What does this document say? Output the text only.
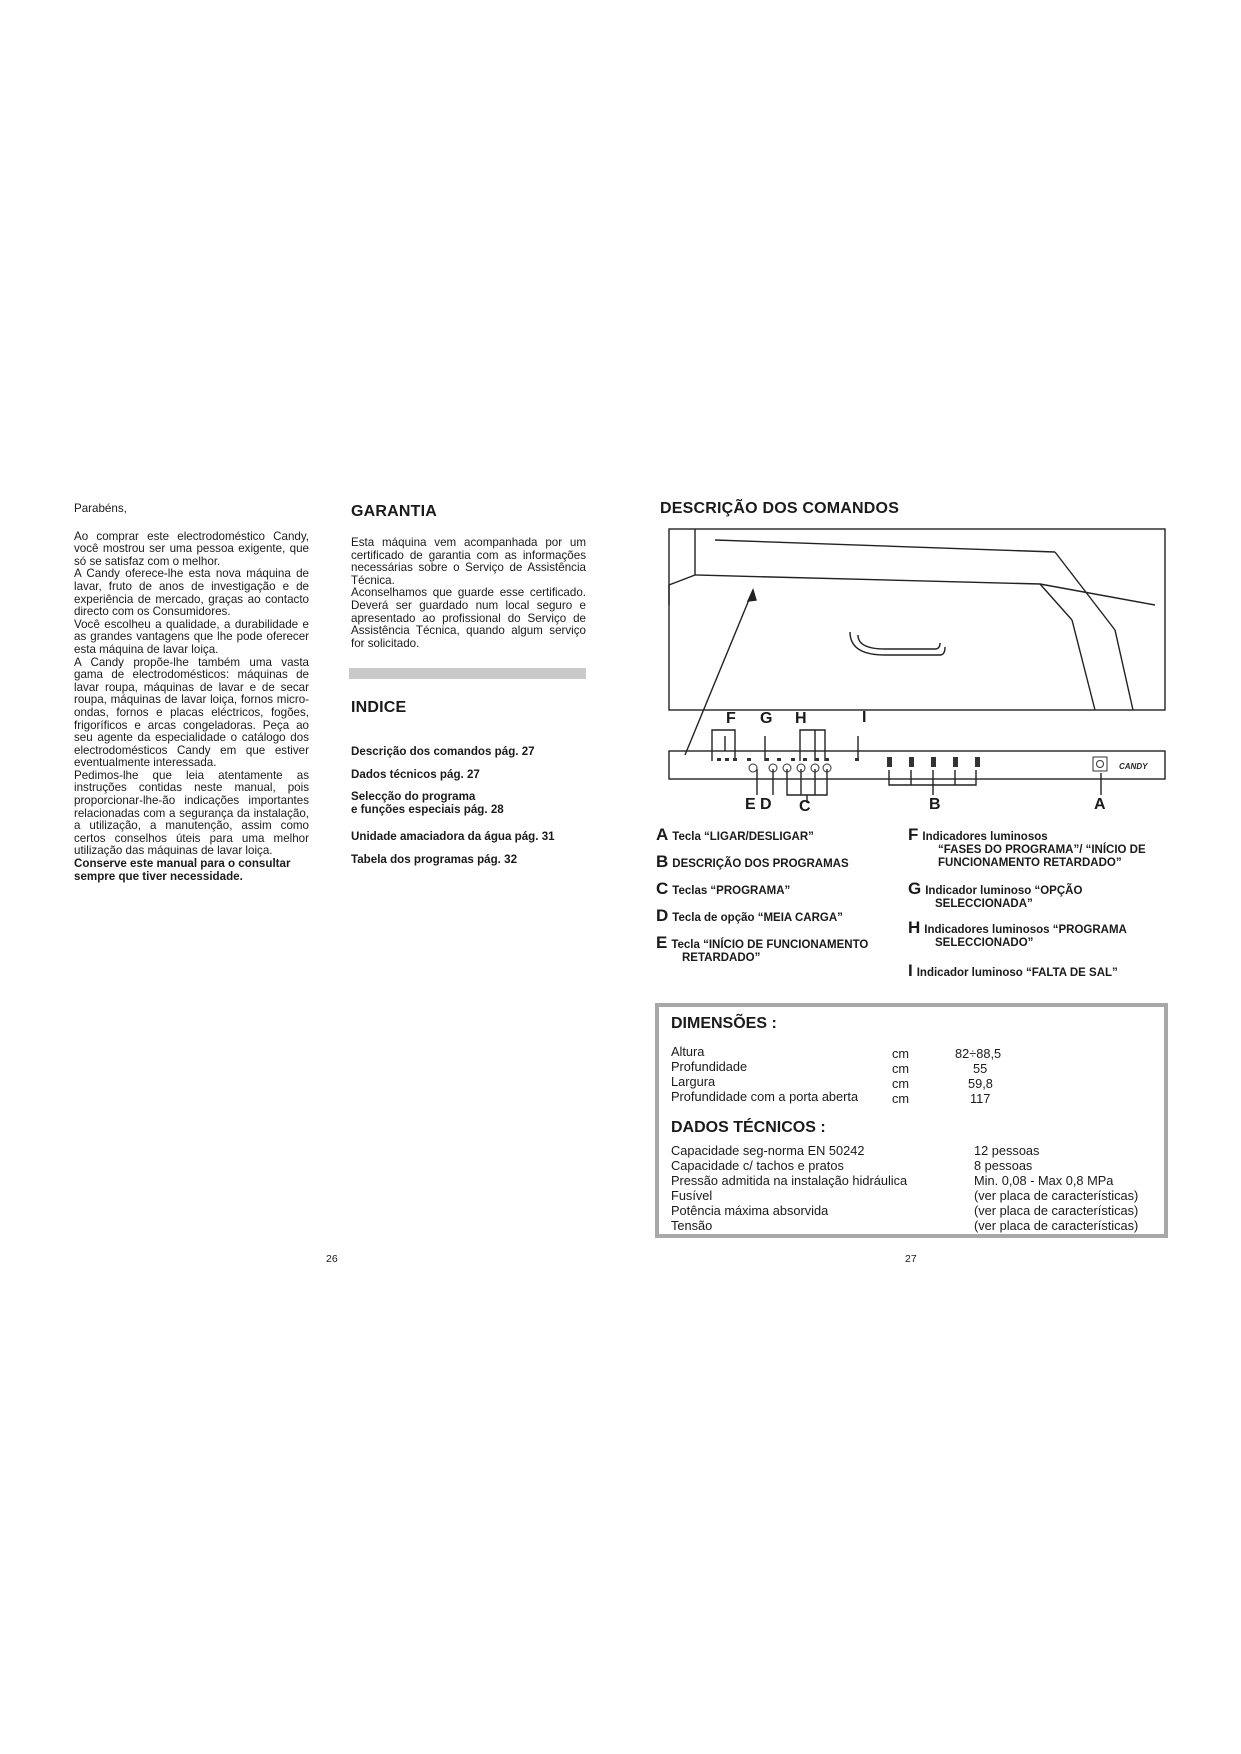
Parabéns,

Ao comprar este electrodoméstico Candy, você mostrou ser uma pessoa exigente, que só se satisfaz com o melhor.

A Candy oferece-lhe esta nova máquina de lavar, fruto de anos de investigação e de experiência de mercado, graças ao contacto directo com os Consumidores.

Você escolheu a qualidade, a durabilidade e as grandes vantagens que lhe pode oferecer esta máquina de lavar loiça.

A Candy propõe-lhe também uma vasta gama de electrodomésticos: máquinas de lavar roupa, máquinas de lavar e de secar roupa, máquinas de lavar loiça, fornos micro-ondas, fornos e placas eléctricos, fogões, frigoríficos e arcas congeladoras. Peça ao seu agente da especialidade o catálogo dos electrodomésticos Candy em que estiver eventualmente interessada.

Pedimos-lhe que leia atentamente as instruções contidas neste manual, pois proporcionar-lhe-ão indicações importantes relacionadas com a segurança da instalação, a utilização, a manutenção, assim como certos conselhos úteis para uma melhor utilização das máquinas de lavar loiça.

Conserve este manual para o consultar sempre que tiver necessidade.

26
GARANTIA

Esta máquina vem acompanhada por um certificado de garantia com as informações necessárias sobre o Serviço de Assistência Técnica.

Aconselhamos que guarde esse certificado. Deverá ser guardado num local seguro e apresentado ao profissional do Serviço de Assistência Técnica, quando algum serviço for solicitado.

INDICE

Descrição dos comandos pág. 27

Dados técnicos pág. 27

Selecção do programa

e funções especiais pág. 28

Unidade amaciadora da água pág. 31

Tabela dos programas pág. 32

DESCRIÇÃO DOS COMANDOS
CANDY
F G H	I
E D C	B	A
A Tecla “LIGAR/DESLIGAR”
B DESCRIÇÃO DOS PROGRAMAS
C Teclas “PROGRAMA”
D Tecla de opção “MEIA CARGA”
E Tecla “INÍCIO DE FUNCIONAMENTO
RETARDADO”
F Indicadores luminosos
“FASES DO PROGRAMA”/ “INÍCIO DE FUNCIONAMENTO RETARDADO”
G Indicador luminoso “OPÇÃO
SELECCIONADA”
H Indicadores luminosos “PROGRAMA
SELECCIONADO”
I Indicador luminoso “FALTA DE SAL”
DIMENSÕES :
Altura	cm	82÷88,5
Profundidade	cm	55
Largura	cm	59,8
Profundidade com a porta aberta	cm	117
DADOS TÉCNICOS :
Capacidade seg-norma EN 50242	12 pessoas
Capacidade c/ tachos e pratos	8 pessoas
Pressão admitida na instalação hidráulica	Min. 0,08 - Max 0,8 MPa
Fusível	(ver placa de características)
Potência máxima absorvida	(ver placa de características)
Tensão	(ver placa de características)
27
